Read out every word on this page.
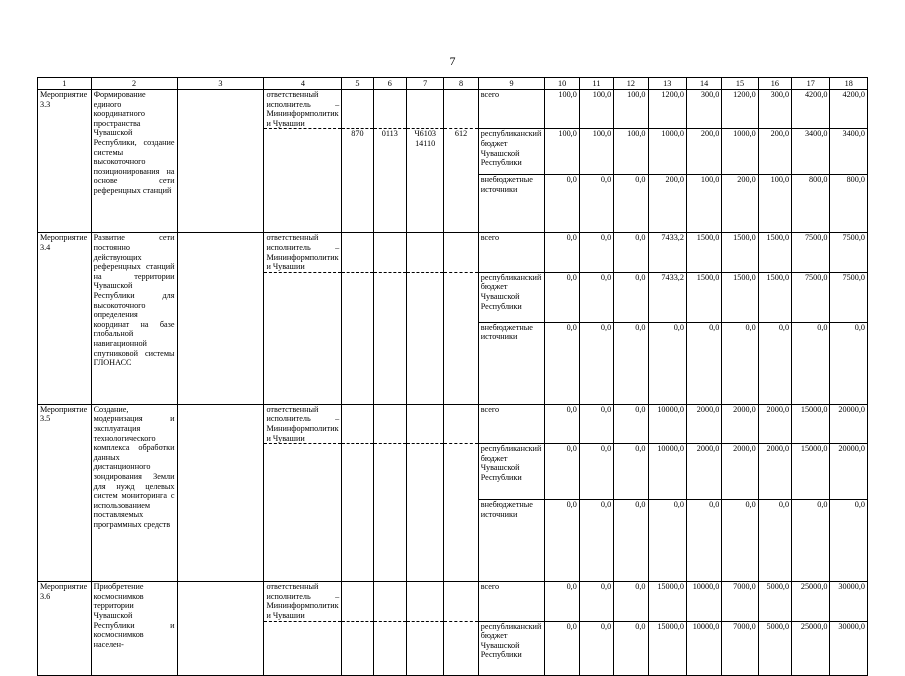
7
1	2	3	4	5	6	7	8	9	10	11	12	13	14	15	16	17	18
Мероприятие 3.3	Формирование единого координатного пространства Чувашской Республики, создание системы высокоточного позиционирования на основе сети референцных станций		ответственный исполнитель – Мининформполитики Чувашии					всего	100,0	100,0	100,0	1200,0	300,0	1200,0	300,0	4200,0	4200,0
				870	0113	Ч6103 14110	612	республиканский бюджет Чувашской Республики	100,0	100,0	100,0	1000,0	200,0	1000,0	200,0	3400,0	3400,0
								внебюджетные источники	0,0	0,0	0,0	200,0	100,0	200,0	100,0	800,0	800,0
Мероприятие 3.4	Развитие сети постоянно действующих референцных станций на территории Чувашской Республики для высокоточного определения координат на базе глобальной навигационной спутниковой системы ГЛОНАСС		ответственный исполнитель – Мининформполитики Чувашии					всего	0,0	0,0	0,0	7433,2	1500,0	1500,0	1500,0	7500,0	7500,0
								республиканский бюджет Чувашской Республики	0,0	0,0	0,0	7433,2	1500,0	1500,0	1500,0	7500,0	7500,0
								внебюджетные источники	0,0	0,0	0,0	0,0	0,0	0,0	0,0	0,0	0,0
Мероприятие 3.5	Создание, модернизация и эксплуатация технологического комплекса обработки данных дистанционного зондирования Земли для нужд целевых систем мониторинга с использованием поставляемых программных средств		ответственный исполнитель – Мининформполитики Чувашии					всего	0,0	0,0	0,0	10000,0	2000,0	2000,0	2000,0	15000,0	20000,0
								республиканский бюджет Чувашской Республики	0,0	0,0	0,0	10000,0	2000,0	2000,0	2000,0	15000,0	20000,0
								внебюджетные источники	0,0	0,0	0,0	0,0	0,0	0,0	0,0	0,0	0,0
Мероприятие 3.6	Приобретение космоснимков территории Чувашской Республики и космоснимков населен-		ответственный исполнитель – Мининформполитики Чувашии					всего	0,0	0,0	0,0	15000,0	10000,0	7000,0	5000,0	25000,0	30000,0
								республиканский бюджет Чувашской Республики	0,0	0,0	0,0	15000,0	10000,0	7000,0	5000,0	25000,0	30000,0
